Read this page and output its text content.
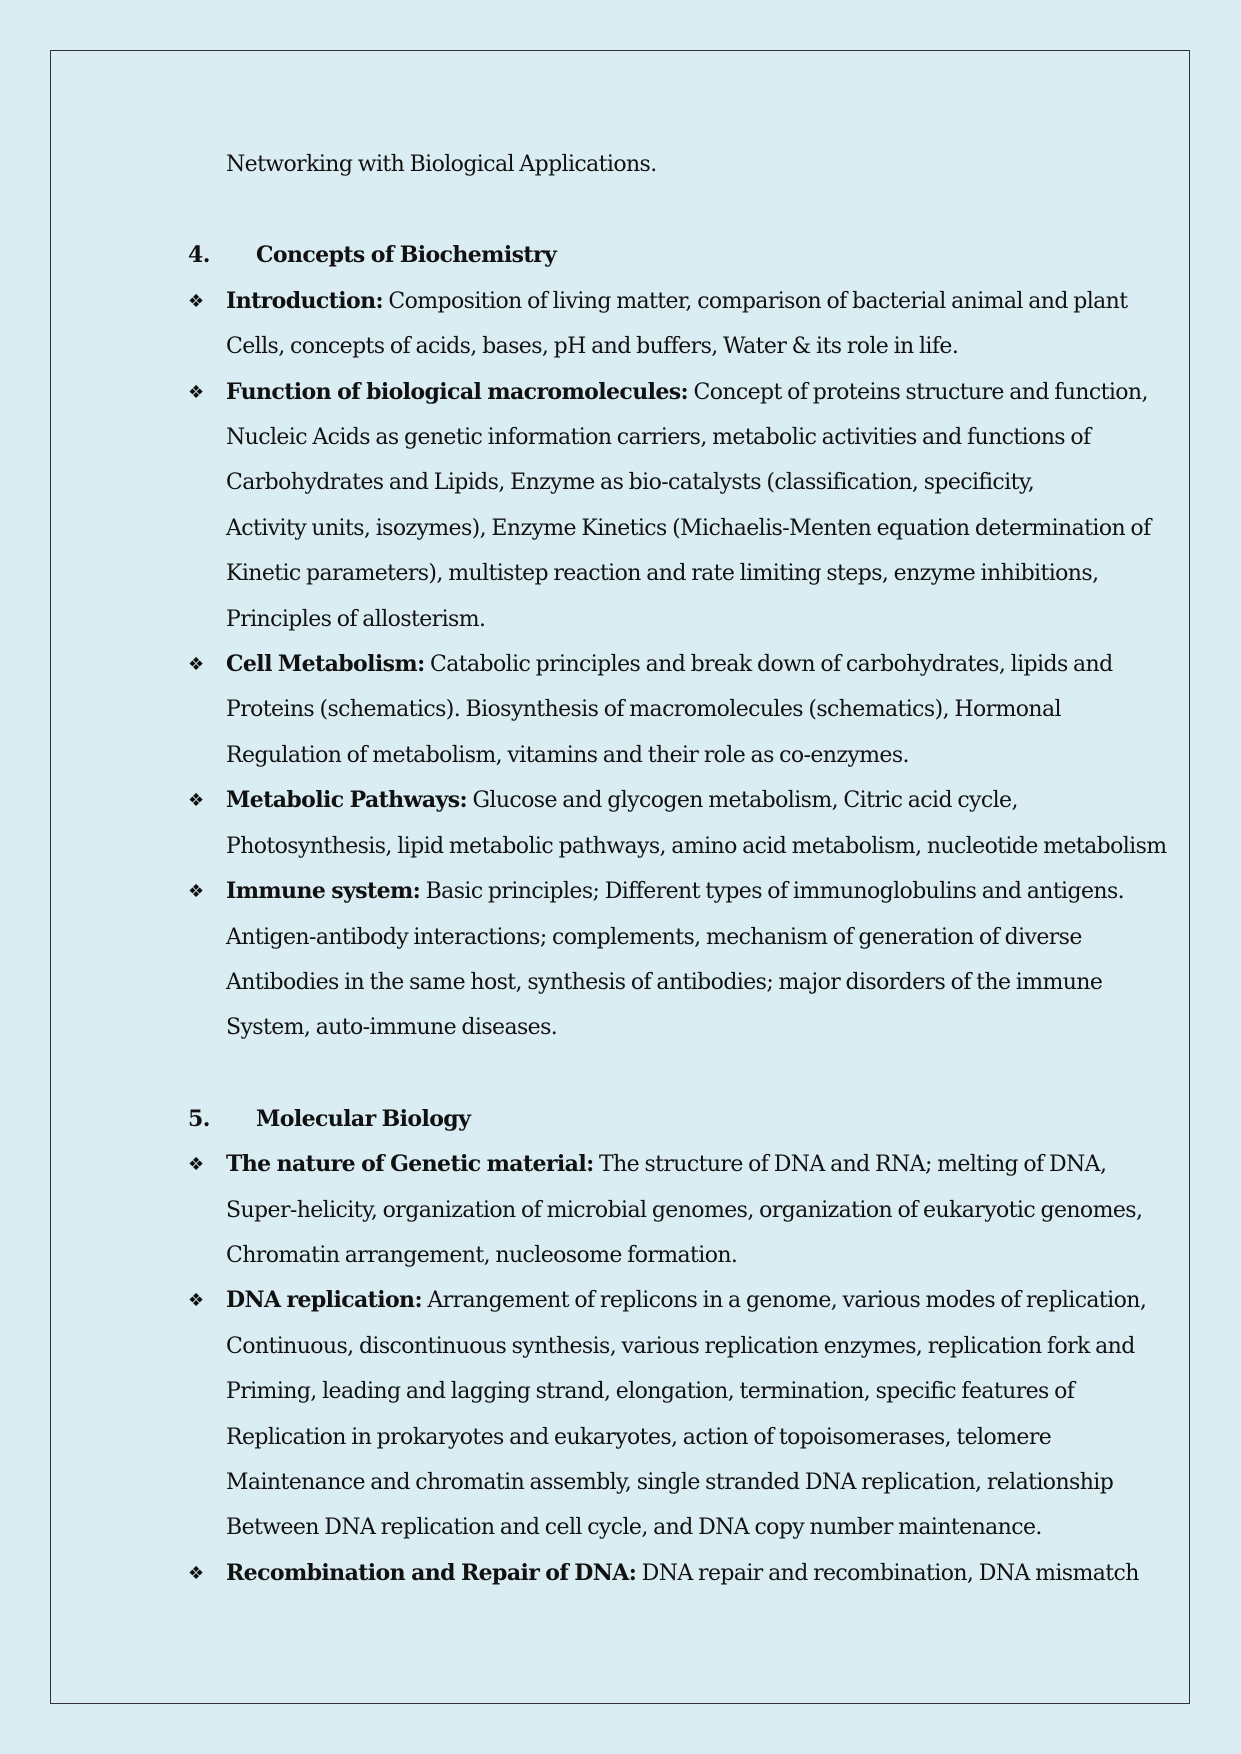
Networking with Biological Applications.
4.	Concepts of Biochemistry
❖ Introduction: Composition of living matter, comparison of bacterial animal and plant
Cells, concepts of acids, bases, pH and buffers, Water & its role in life.
❖ Function of biological macromolecules: Concept of proteins structure and function,
Nucleic Acids as genetic information carriers, metabolic activities and functions of
Carbohydrates and Lipids, Enzyme as bio-catalysts (classification, specificity,
Activity units, isozymes), Enzyme Kinetics (Michaelis-Menten equation determination of
Kinetic parameters), multistep reaction and rate limiting steps, enzyme inhibitions,
Principles of allosterism.
❖ Cell Metabolism: Catabolic principles and break down of carbohydrates, lipids and
Proteins (schematics). Biosynthesis of macromolecules (schematics), Hormonal
Regulation of metabolism, vitamins and their role as co-enzymes.
❖ Metabolic Pathways: Glucose and glycogen metabolism, Citric acid cycle,
Photosynthesis, lipid metabolic pathways, amino acid metabolism, nucleotide metabolism
❖ Immune system: Basic principles; Different types of immunoglobulins and antigens.
Antigen-antibody interactions; complements, mechanism of generation of diverse
Antibodies in the same host, synthesis of antibodies; major disorders of the immune
System, auto-immune diseases.
5.	Molecular Biology
❖ The nature of Genetic material: The structure of DNA and RNA; melting of DNA,
Super-helicity, organization of microbial genomes, organization of eukaryotic genomes,
Chromatin arrangement, nucleosome formation.
❖ DNA replication: Arrangement of replicons in a genome, various modes of replication,
Continuous, discontinuous synthesis, various replication enzymes, replication fork and
Priming, leading and lagging strand, elongation, termination, specific features of
Replication in prokaryotes and eukaryotes, action of topoisomerases, telomere
Maintenance and chromatin assembly, single stranded DNA replication, relationship
Between DNA replication and cell cycle, and DNA copy number maintenance.
❖ Recombination and Repair of DNA: DNA repair and recombination, DNA mismatch
